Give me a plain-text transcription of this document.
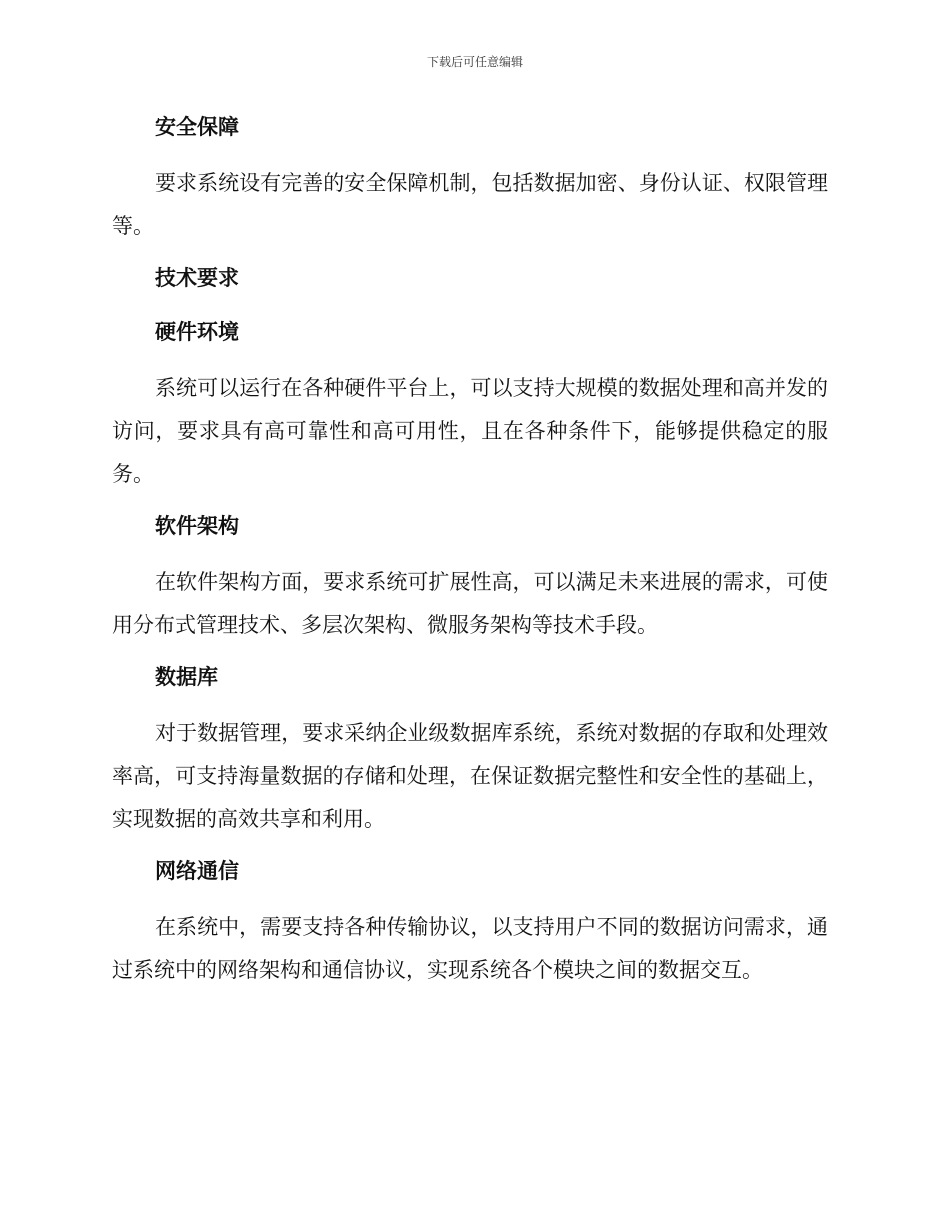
下载后可任意编辑
安全保障

要求系统设有完善的安全保障机制，包括数据加密、身份认证、权限管理等。

技术要求
硬件环境

系统可以运行在各种硬件平台上，可以支持大规模的数据处理和高并发的访问，要求具有高可靠性和高可用性，且在各种条件下，能够提供稳定的服务。

软件架构

在软件架构方面，要求系统可扩展性高，可以满足未来进展的需求，可使用分布式管理技术、多层次架构、微服务架构等技术手段。

数据库

对于数据管理，要求采纳企业级数据库系统，系统对数据的存取和处理效率高，可支持海量数据的存储和处理，在保证数据完整性和安全性的基础上，实现数据的高效共享和利用。

网络通信

在系统中，需要支持各种传输协议，以支持用户不同的数据访问需求，通过系统中的网络架构和通信协议，实现系统各个模块之间的数据交互。
